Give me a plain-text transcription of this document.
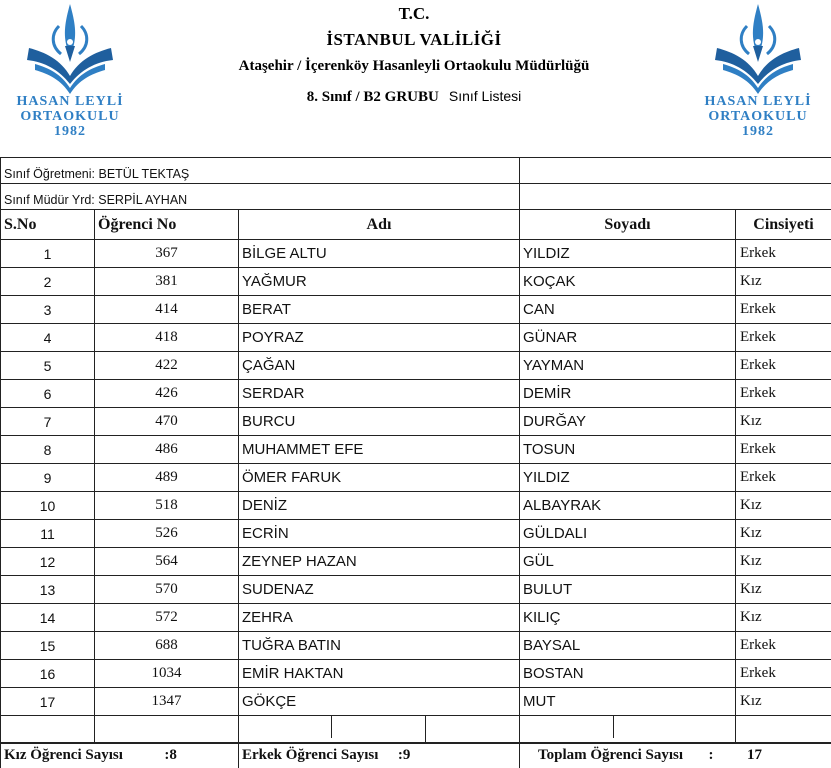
HASAN LEYLİ
ORTAOKULU
1982
HASAN LEYLİ
ORTAOKULU
1982
T.C.
İSTANBUL VALİLİĞİ
Ataşehir / İçerenköy Hasanleyli Ortaokulu Müdürlüğü
8. Sınıf / B2 GRUBU Sınıf Listesi
Sınıf Öğretmeni: BETÜL TEKTAŞ	
Sınıf Müdür Yrd: SERPİL AYHAN	
S.No	Öğrenci No	Adı	Soyadı	Cinsiyeti
1	367	BİLGE ALTU	YILDIZ	Erkek
2	381	YAĞMUR	KOÇAK	Kız
3	414	BERAT	CAN	Erkek
4	418	POYRAZ	GÜNAR	Erkek
5	422	ÇAĞAN	YAYMAN	Erkek
6	426	SERDAR	DEMİR	Erkek
7	470	BURCU	DURĞAY	Kız
8	486	MUHAMMET EFE	TOSUN	Erkek
9	489	ÖMER FARUK	YILDIZ	Erkek
10	518	DENİZ	ALBAYRAK	Kız
11	526	ECRİN	GÜLDALI	Kız
12	564	ZEYNEP HAZAN	GÜL	Kız
13	570	SUDENAZ	BULUT	Kız
14	572	ZEHRA	KILIÇ	Kız
15	688	TUĞRA BATIN	BAYSAL	Erkek
16	1034	EMİR HAKTAN	BOSTAN	Erkek
17	1347	GÖKÇE	MUT	Kız

Kız Öğrenci Sayısı	:8	Erkek Öğrenci Sayısı :9	Toplam Öğrenci Sayısı : 17
